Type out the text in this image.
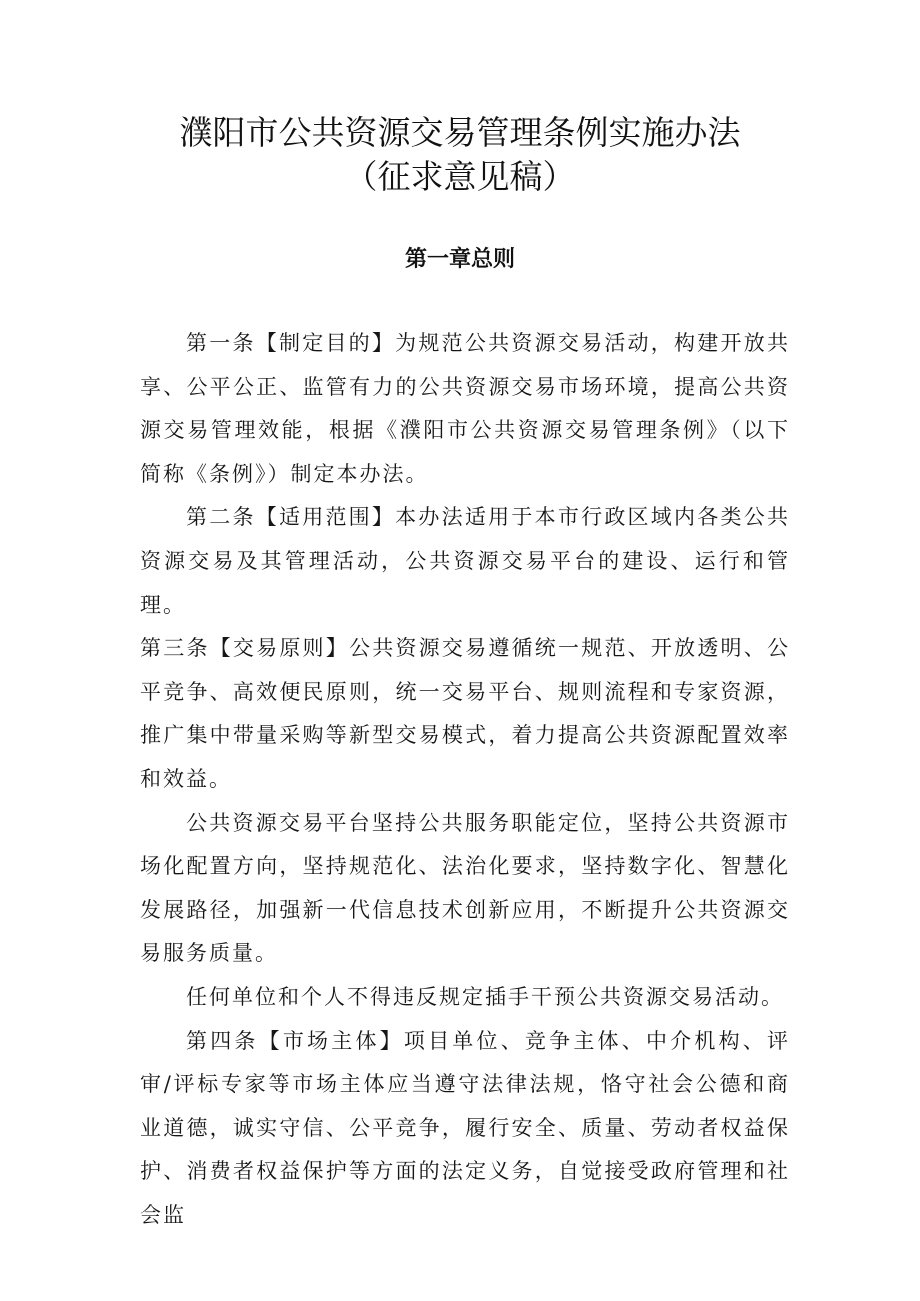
濮阳市公共资源交易管理条例实施办法
（征求意见稿）
第一章总则

第一条【制定目的】为规范公共资源交易活动，构建开放共享、公平公正、监管有力的公共资源交易市场环境，提高公共资源交易管理效能，根据《濮阳市公共资源交易管理条例》（以下简称《条例》）制定本办法。

第二条【适用范围】本办法适用于本市行政区域内各类公共资源交易及其管理活动，公共资源交易平台的建设、运行和管理。

第三条【交易原则】公共资源交易遵循统一规范、开放透明、公平竞争、高效便民原则，统一交易平台、规则流程和专家资源，推广集中带量采购等新型交易模式，着力提高公共资源配置效率和效益。

公共资源交易平台坚持公共服务职能定位，坚持公共资源市场化配置方向，坚持规范化、法治化要求，坚持数字化、智慧化发展路径，加强新一代信息技术创新应用，不断提升公共资源交易服务质量。

任何单位和个人不得违反规定插手干预公共资源交易活动。

第四条【市场主体】项目单位、竞争主体、中介机构、评审/评标专家等市场主体应当遵守法律法规，恪守社会公德和商业道德，诚实守信、公平竞争，履行安全、质量、劳动者权益保护、消费者权益保护等方面的法定义务，自觉接受政府管理和社会监
